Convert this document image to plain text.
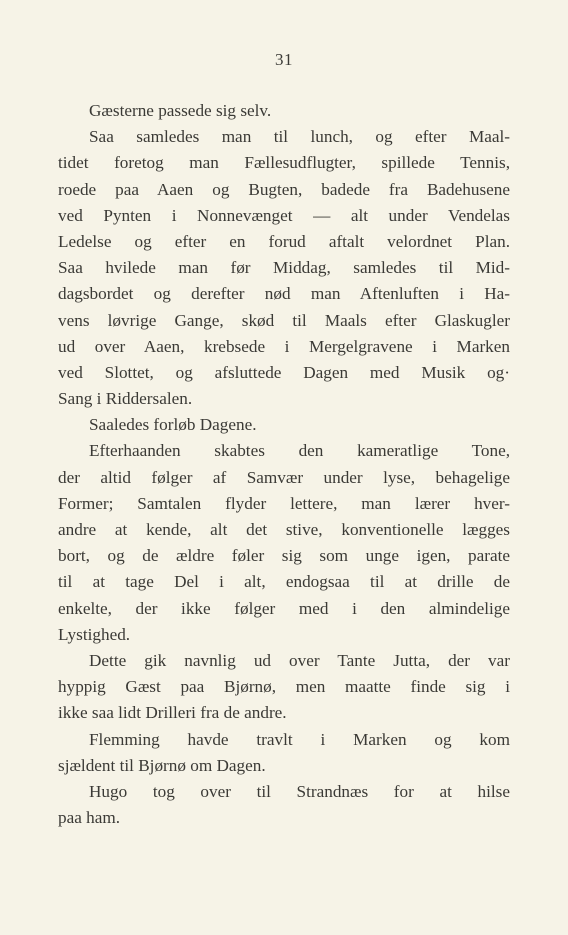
31
Gæsterne passede sig selv.
Saa samledes man til lunch, og efter Maal-
tidet foretog man Fællesudflugter, spillede Tennis,
roede paa Aaen og Bugten, badede fra Badehusene
ved Pynten i Nonnevænget — alt under Vendelas
Ledelse og efter en forud aftalt velordnet Plan.
Saa hvilede man før Middag, samledes til Mid-
dagsbordet og derefter nød man Aftenluften i Ha-
vens løvrige Gange, skød til Maals efter Glaskugler
ud over Aaen, krebsede i Mergelgravene i Marken
ved Slottet, og afsluttede Dagen med Musik og·
Sang i Riddersalen.
Saaledes forløb Dagene.
Efterhaanden skabtes den kameratlige Tone,
der altid følger af Samvær under lyse, behagelige
Former; Samtalen flyder lettere, man lærer hver-
andre at kende, alt det stive, konventionelle lægges
bort, og de ældre føler sig som unge igen, parate
til at tage Del i alt, endogsaa til at drille de
enkelte, der ikke følger med i den almindelige
Lystighed.
Dette gik navnlig ud over Tante Jutta, der var
hyppig Gæst paa Bjørnø, men maatte finde sig i
ikke saa lidt Drilleri fra de andre.
Flemming havde travlt i Marken og kom
sjældent til Bjørnø om Dagen.
Hugo tog over til Strandnæs for at hilse
paa ham.
